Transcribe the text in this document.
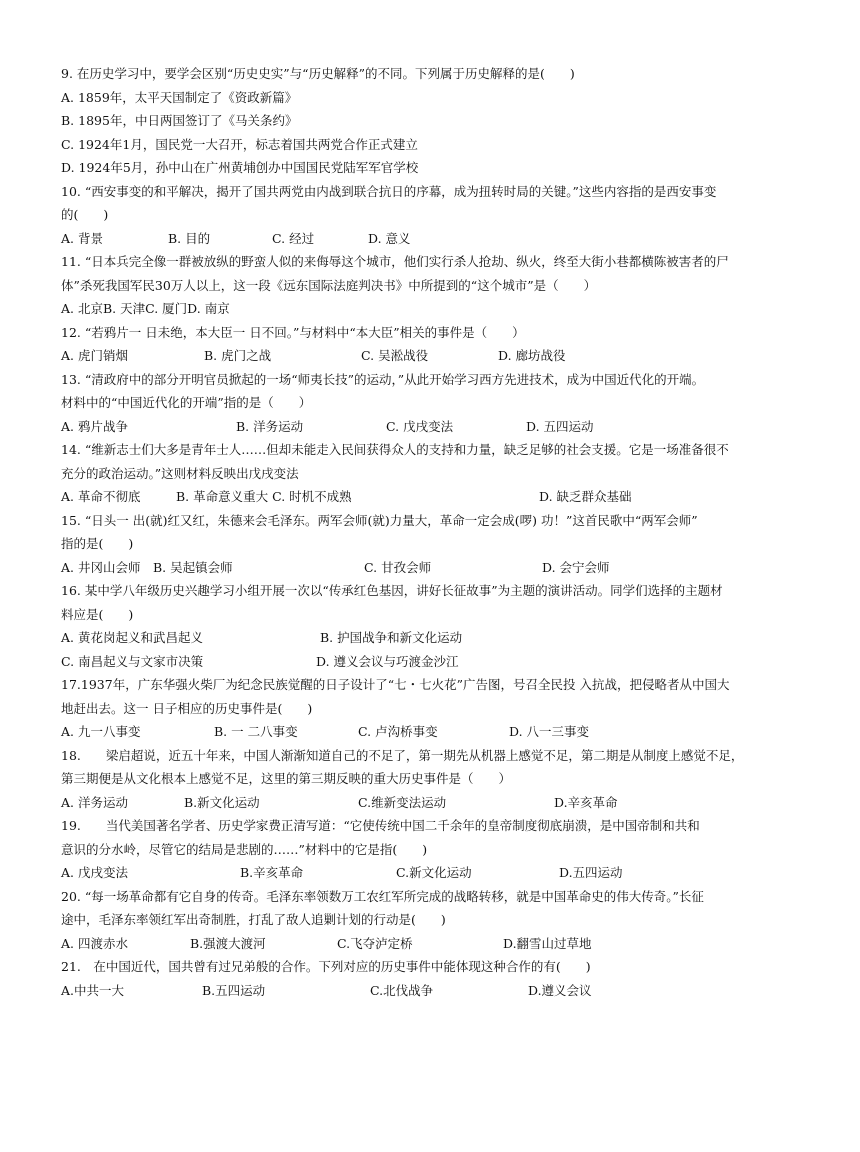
9. 在历史学习中，要学会区别“历史史实”与“历史解释”的不同。下列属于历史解释的是(　　)
A. 1859年，太平天国制定了《资政新篇》
B. 1895年，中日两国签订了《马关条约》
C. 1924年1月，国民党一大召开，标志着国共两党合作正式建立
D. 1924年5月，孙中山在广州黄埔创办中国国民党陆军军官学校
10. “西安事变的和平解决，揭开了国共两党由内战到联合抗日的序幕，成为扭转时局的关键。”这些内容指的是西安事变
的(　　)
A. 背景	B. 目的	C. 经过	D. 意义
11. “日本兵完全像一群被放纵的野蛮人似的来侮辱这个城市，他们实行杀人抢劫、纵火，终至大街小巷都横陈被害者的尸
体”杀死我国军民30万人以上，这一段《远东国际法庭判决书》中所提到的“这个城市”是（　　）
A. 北京B. 天津C. 厦门D. 南京
12. “若鸦片一 日未绝，本大臣一 日不回。”与材料中“本大臣”相关的事件是（　　）
A. 虎门销烟	B. 虎门之战	C. 吴淞战役	D. 廊坊战役
13. “清政府中的部分开明官员掀起的一场“师夷长技”的运动，”从此开始学习西方先进技术，成为中国近代化的开端。
材料中的“中国近代化的开端”指的是（　　）
A. 鸦片战争	B. 洋务运动	C. 戊戌变法	D. 五四运动
14. “维新志士们大多是青年士人……但却未能走入民间获得众人的支持和力量，缺乏足够的社会支援。它是一场准备很不
充分的政治运动。”这则材料反映出戊戌变法
A. 革命不彻底	B. 革命意义重大 C. 时机不成熟	D. 缺乏群众基础
15. “日头一 出(就)红又红，朱德来会毛泽东。两军会师(就)力量大，革命一定会成(啰) 功！”这首民歌中“两军会师”
指的是(　　)
A. 井冈山会师　B. 吴起镇会师	C. 甘孜会师	D. 会宁会师
16. 某中学八年级历史兴趣学习小组开展一次以“传承红色基因，讲好长征故事”为主题的演讲活动。同学们选择的主题材
料应是(　　)
A. 黄花岗起义和武昌起义	B. 护国战争和新文化运动
C. 南昌起义与文家市决策	D. 遵义会议与巧渡金沙江
17.1937年，广东华强火柴厂为纪念民族觉醒的日子设计了“七・七火花”广告图，号召全民投 入抗战，把侵略者从中国大
地赶出去。这一 日子相应的历史事件是(　　)
A. 九一八事变	B. 一 二八事变	C. 卢沟桥事变	D. 八一三事变
18.　　梁启超说，近五十年来，中国人渐渐知道自己的不足了，第一期先从机器上感觉不足，第二期是从制度上感觉不足，
第三期便是从文化根本上感觉不足，这里的第三期反映的重大历史事件是（　　）
A. 洋务运动	B.新文化运动	C.维新变法运动	D.辛亥革命
19.　　当代美国著名学者、历史学家费正清写道：“它使传统中国二千余年的皇帝制度彻底崩溃，是中国帝制和共和
意识的分水岭，尽管它的结局是悲剧的……”材料中的它是指(　　)
A. 戊戌变法	B.辛亥革命	C.新文化运动	D.五四运动
20. “每一场革命都有它自身的传奇。毛泽东率领数万工农红军所完成的战略转移，就是中国革命史的伟大传奇。”长征
途中，毛泽东率领红军出奇制胜，打乱了敌人追剿计划的行动是(　　)
A. 四渡赤水	B.强渡大渡河	C.飞夺泸定桥	D.翻雪山过草地
21.　在中国近代，国共曾有过兄弟般的合作。下列对应的历史事件中能体现这种合作的有(　　)
A.中共一大	B.五四运动	C.北伐战争	D.遵义会议
